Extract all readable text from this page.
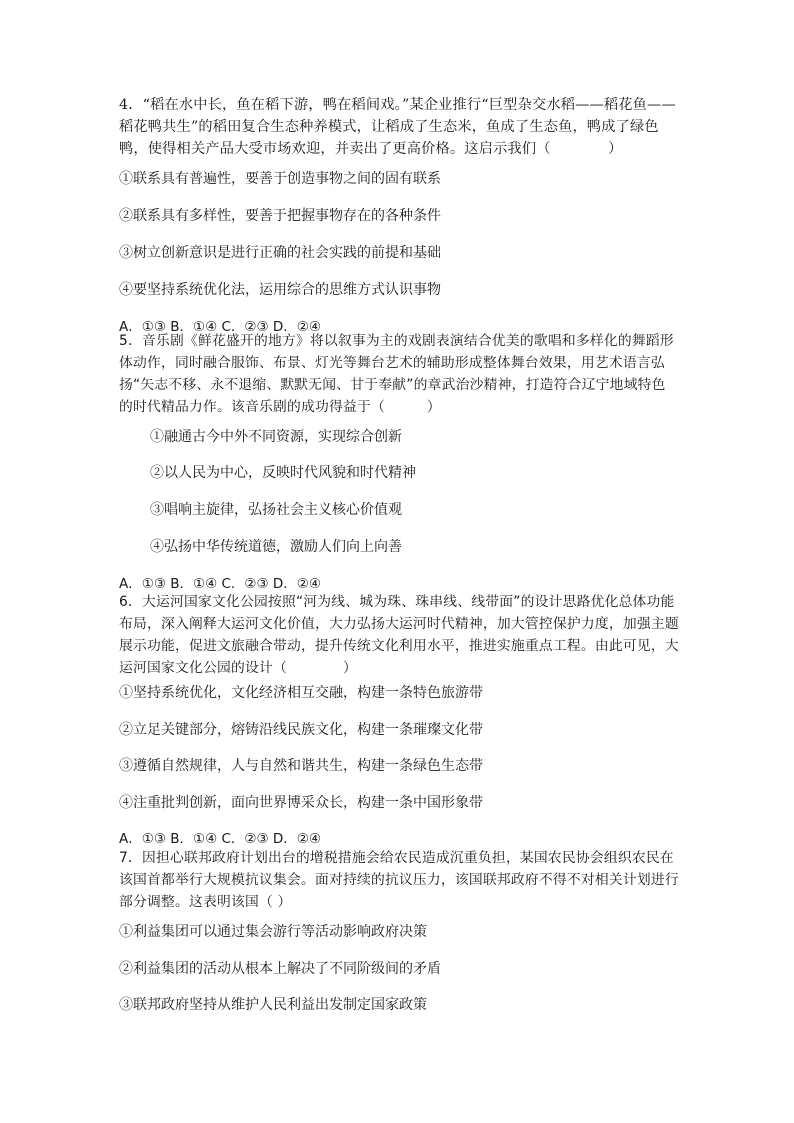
4．“稻在水中长，鱼在稻下游，鸭在稻间戏。”某企业推行“巨型杂交水稻——稻花鱼——稻花鸭共生”的稻田复合生态种养模式，让稻成了生态米，鱼成了生态鱼，鸭成了绿色鸭，使得相关产品大受市场欢迎，并卖出了更高价格。这启示我们（　　　　）
①联系具有普遍性，要善于创造事物之间的固有联系
②联系具有多样性，要善于把握事物存在的各种条件
③树立创新意识是进行正确的社会实践的前提和基础
④要坚持系统优化法，运用综合的思维方式认识事物
A．①③ B．①④ C．②③ D．②④
5．音乐剧《鲜花盛开的地方》将以叙事为主的戏剧表演结合优美的歌唱和多样化的舞蹈形体动作，同时融合服饰、布景、灯光等舞台艺术的辅助形成整体舞台效果，用艺术语言弘扬“矢志不移、永不退缩、默默无闻、甘于奉献”的章武治沙精神，打造符合辽宁地域特色的时代精品力作。该音乐剧的成功得益于（　　　）
①融通古今中外不同资源，实现综合创新
②以人民为中心，反映时代风貌和时代精神
③唱响主旋律，弘扬社会主义核心价值观
④弘扬中华传统道德，激励人们向上向善
A．①③ B．①④ C．②③ D．②④
6．大运河国家文化公园按照“河为线、城为珠、珠串线、线带面”的设计思路优化总体功能布局，深入阐释大运河文化价值，大力弘扬大运河时代精神，加大管控保护力度，加强主题展示功能，促进文旅融合带动，提升传统文化利用水平，推进实施重点工程。由此可见，大运河国家文化公园的设计（　　　　）
①坚持系统优化，文化经济相互交融，构建一条特色旅游带
②立足关键部分，熔铸沿线民族文化，构建一条璀璨文化带
③遵循自然规律，人与自然和谐共生，构建一条绿色生态带
④注重批判创新，面向世界博采众长，构建一条中国形象带
A．①③ B．①④ C．②③ D．②④
7．因担心联邦政府计划出台的增税措施会给农民造成沉重负担，某国农民协会组织农民在该国首都举行大规模抗议集会。面对持续的抗议压力，该国联邦政府不得不对相关计划进行部分调整。这表明该国（ ）
①利益集团可以通过集会游行等活动影响政府决策
②利益集团的活动从根本上解决了不同阶级间的矛盾
③联邦政府坚持从维护人民利益出发制定国家政策
